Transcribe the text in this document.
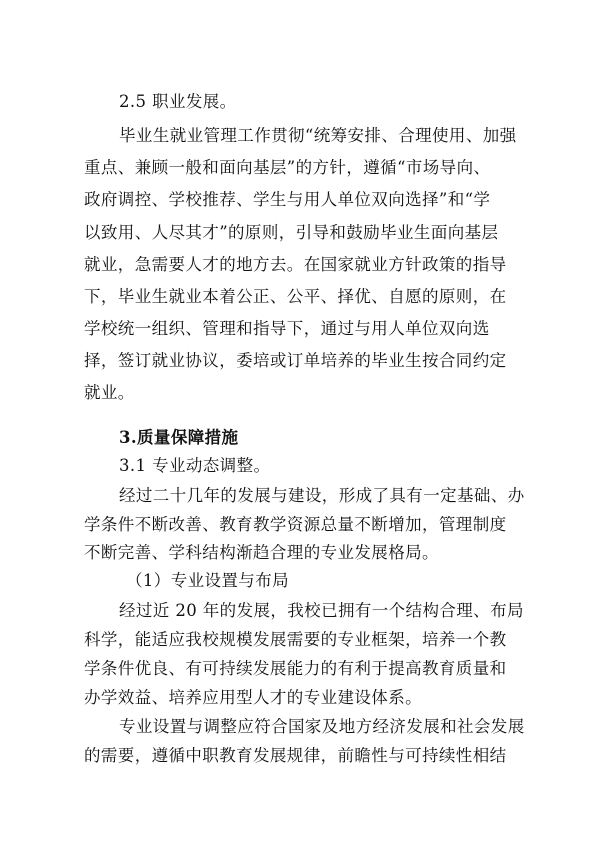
2.5 职业发展。
毕业生就业管理工作贯彻“统筹安排、合理使用、加强
重点、兼顾一般和面向基层”的方针，遵循“市场导向、
政府调控、学校推荐、学生与用人单位双向选择”和“学
以致用、人尽其才”的原则，引导和鼓励毕业生面向基层
就业，急需要人才的地方去。在国家就业方针政策的指导
下，毕业生就业本着公正、公平、择优、自愿的原则，在
学校统一组织、管理和指导下，通过与用人单位双向选
择，签订就业协议，委培或订单培养的毕业生按合同约定
就业。
3.质量保障措施
3.1 专业动态调整。
经过二十几年的发展与建设，形成了具有一定基础、办
学条件不断改善、教育教学资源总量不断增加，管理制度
不断完善、学科结构渐趋合理的专业发展格局。
（1）专业设置与布局
经过近 20 年的发展，我校已拥有一个结构合理、布局
科学，能适应我校规模发展需要的专业框架，培养一个教
学条件优良、有可持续发展能力的有利于提高教育质量和
办学效益、培养应用型人才的专业建设体系。
专业设置与调整应符合国家及地方经济发展和社会发展
的需要，遵循中职教育发展规律，前瞻性与可持续性相结
